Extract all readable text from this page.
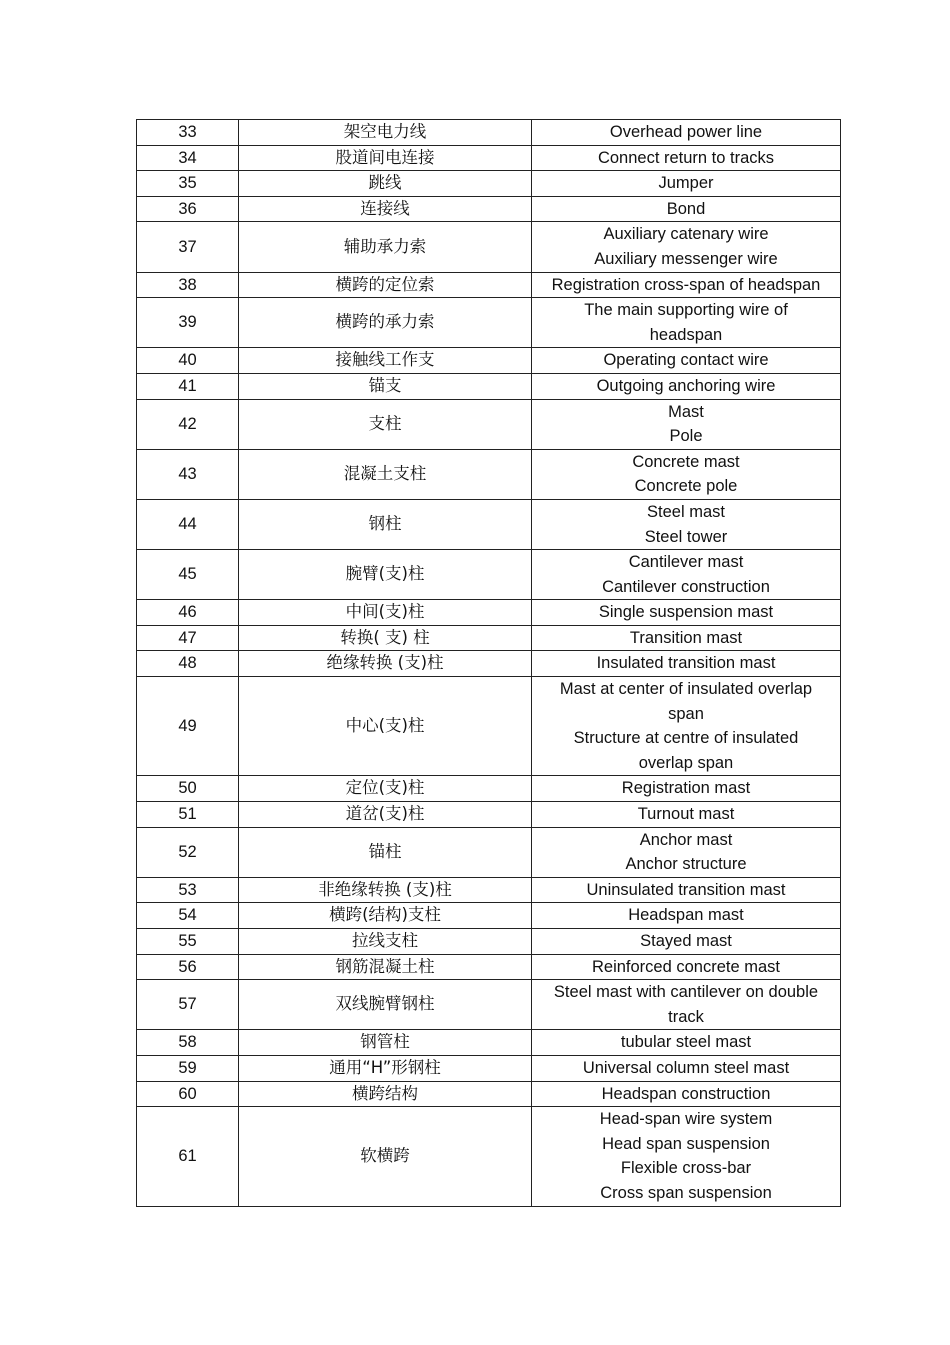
33	架空电力线	Overhead power line

34	股道间电连接	Connect return to tracks

35	跳线	Jumper

36	连接线	Bond

37	辅助承力索	Auxiliary catenary wire
Auxiliary messenger wire

38	横跨的定位索	Registration cross-span of headspan

39	横跨的承力索	The main supporting wire of
headspan

40	接触线工作支	Operating contact wire

41	锚支	Outgoing anchoring wire

42	支柱	Mast
Pole

43	混凝土支柱	Concrete mast
Concrete pole

44	钢柱	Steel mast
Steel tower

45	腕臂(支)柱	Cantilever mast
Cantilever construction

46	中间(支)柱	Single suspension mast

47	转换( 支) 柱	Transition mast

48	绝缘转换 (支)柱	Insulated transition mast

49	中心(支)柱	Mast at center of insulated overlap
span
Structure at centre of insulated
overlap span

50	定位(支)柱	Registration mast

51	道岔(支)柱	Turnout mast

52	锚柱	Anchor mast
Anchor structure

53	非绝缘转换 (支)柱	Uninsulated transition mast

54	横跨(结构)支柱	Headspan mast

55	拉线支柱	Stayed mast

56	钢筋混凝土柱	Reinforced concrete mast

57	双线腕臂钢柱	Steel mast with cantilever on double
track

58	钢管柱	tubular steel mast

59	通用“H”形钢柱	Universal column steel mast

60	横跨结构	Headspan construction

61	软横跨	Head-span wire system
Head span suspension
Flexible cross-bar
Cross span suspension
